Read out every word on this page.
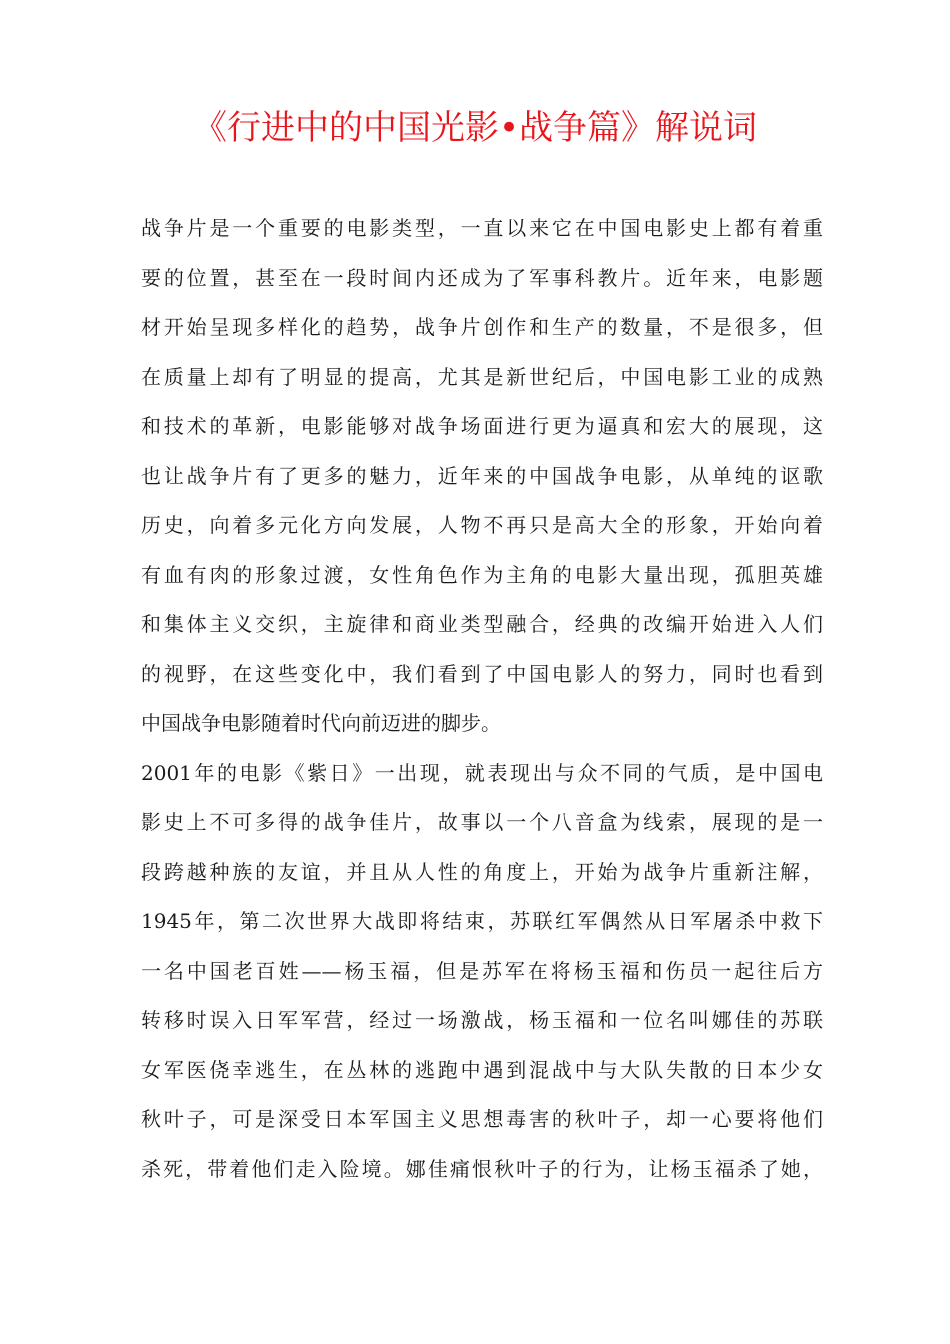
《行进中的中国光影•战争篇》解说词
战争片是一个重要的电影类型，一直以来它在中国电影史上都有着重
要的位置，甚至在一段时间内还成为了军事科教片。近年来，电影题
材开始呈现多样化的趋势，战争片创作和生产的数量，不是很多，但
在质量上却有了明显的提高，尤其是新世纪后，中国电影工业的成熟
和技术的革新，电影能够对战争场面进行更为逼真和宏大的展现，这
也让战争片有了更多的魅力，近年来的中国战争电影，从单纯的讴歌
历史，向着多元化方向发展，人物不再只是高大全的形象，开始向着
有血有肉的形象过渡，女性角色作为主角的电影大量出现，孤胆英雄
和集体主义交织，主旋律和商业类型融合，经典的改编开始进入人们
的视野，在这些变化中，我们看到了中国电影人的努力，同时也看到
中国战争电影随着时代向前迈进的脚步。
2001年的电影《紫日》一出现，就表现出与众不同的气质，是中国电
影史上不可多得的战争佳片，故事以一个八音盒为线索，展现的是一
段跨越种族的友谊，并且从人性的角度上，开始为战争片重新注解，
1945年，第二次世界大战即将结束，苏联红军偶然从日军屠杀中救下
一名中国老百姓——杨玉福，但是苏军在将杨玉福和伤员一起往后方
转移时误入日军军营，经过一场激战，杨玉福和一位名叫娜佳的苏联
女军医侥幸逃生，在丛林的逃跑中遇到混战中与大队失散的日本少女
秋叶子，可是深受日本军国主义思想毒害的秋叶子，却一心要将他们
杀死，带着他们走入险境。娜佳痛恨秋叶子的行为，让杨玉福杀了她，
